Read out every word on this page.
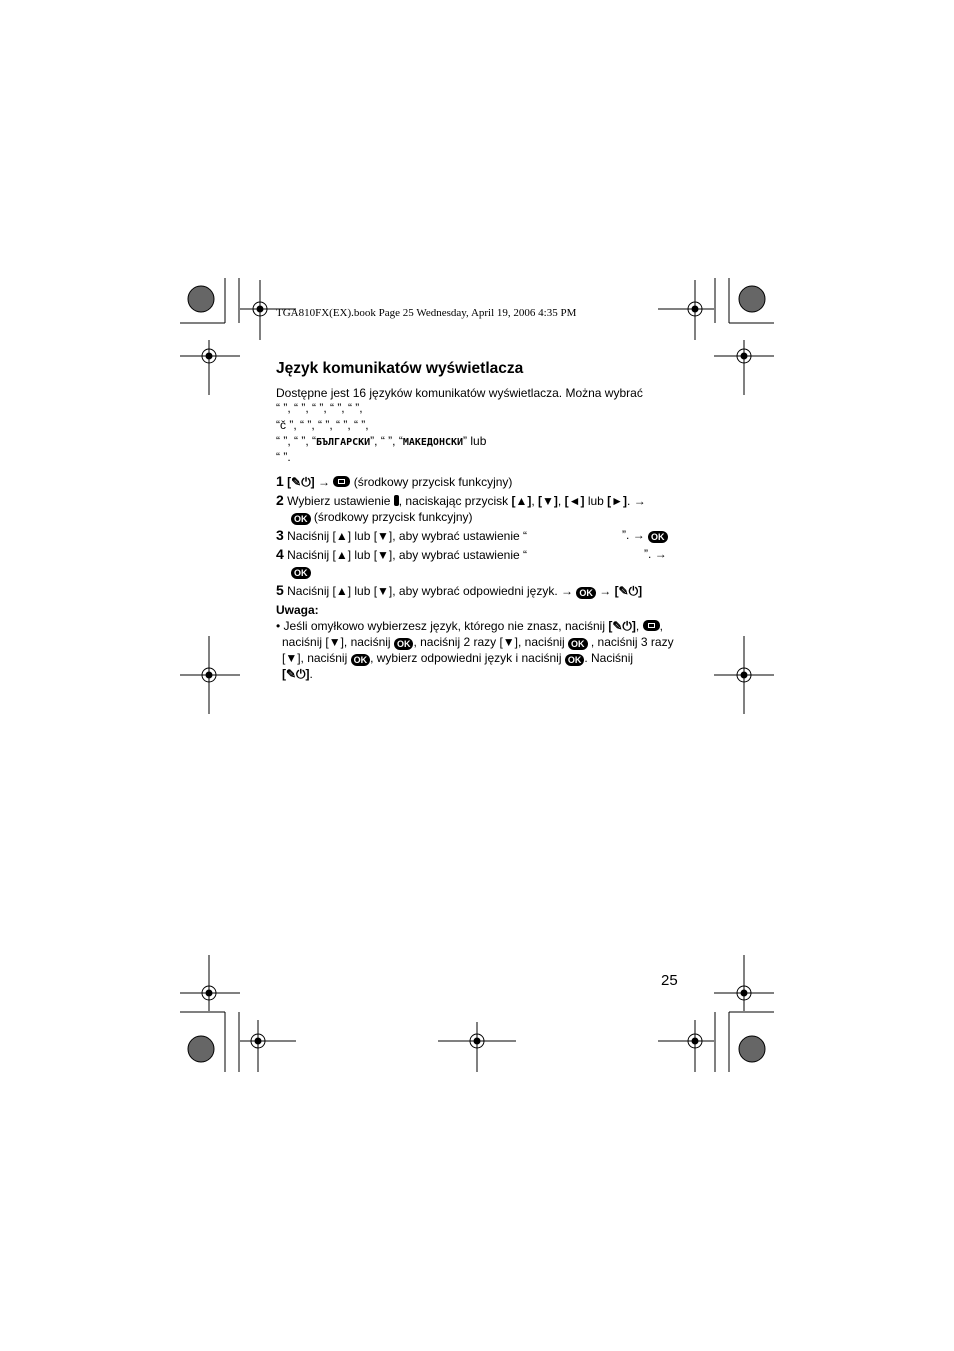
TGA810FX(EX).book Page 25 Wednesday, April 19, 2006 4:35 PM
Język komunikatów wyświetlacza
Dostępne jest 16 języków komunikatów wyświetlacza. Można wybrać
“ ”, “ ”, “ ”, “ ”, “ ”,
“č ”, “ ”, “ ”, “ ”, “ ”,
“ ”, “ ”, “БЪЛГАРСКИ”, “ ”, “МАКЕДОНСКИ” lub
“ ”.
1 [✎⏻] → (środkowy przycisk funkcyjny)
2 Wybierz ustawienie , naciskając przycisk [▲], [▼], [◄] lub [►]. →
OK (środkowy przycisk funkcyjny)
3 Naciśnij [▲] lub [▼], aby wybrać ustawienie “	”. → OK
4 Naciśnij [▲] lub [▼], aby wybrać ustawienie “	”. →
OK
5 Naciśnij [▲] lub [▼], aby wybrać odpowiedni język. → OK → [✎⏻]
Uwaga:
• Jeśli omyłkowo wybierzesz język, którego nie znasz, naciśnij [✎⏻], ,
naciśnij [▼], naciśnij OK , naciśnij 2 razy [▼], naciśnij OK , naciśnij 3 razy
[▼], naciśnij OK , wybierz odpowiedni język i naciśnij OK . Naciśnij
[✎⏻].
25
